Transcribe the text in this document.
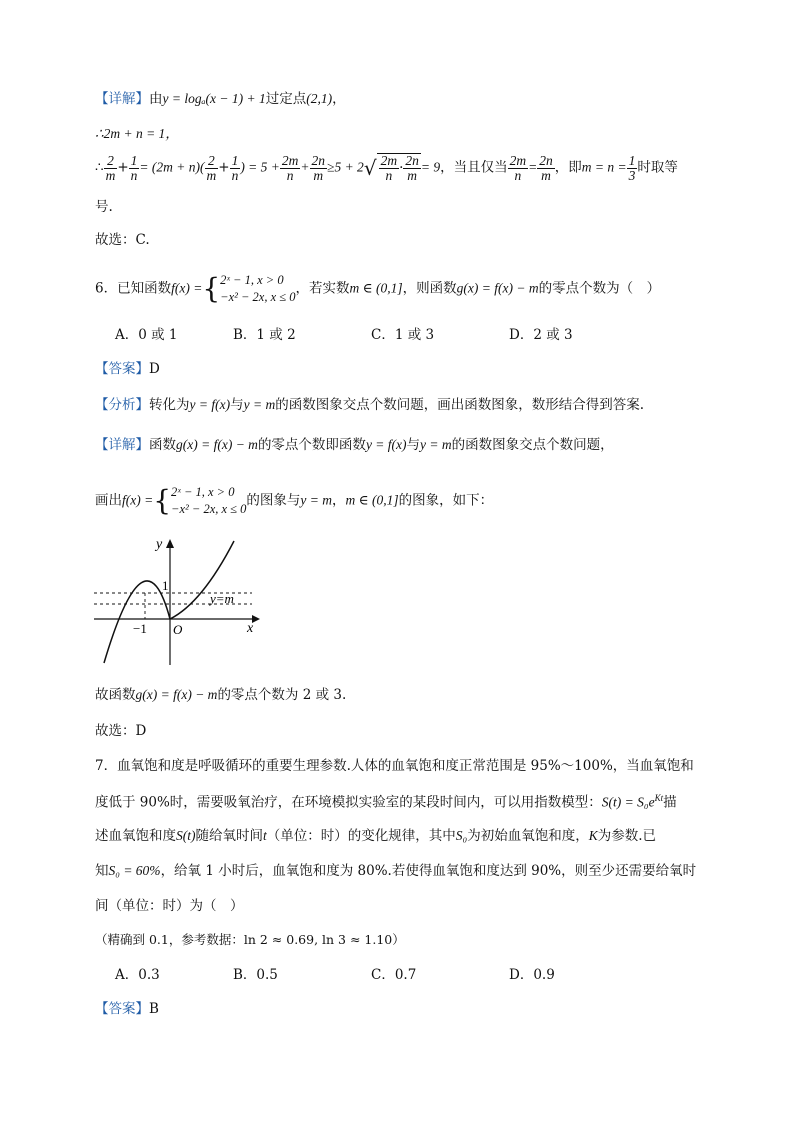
【详解】由y = logₐ(x − 1) + 1过定点(2,1)，
∴2m + n = 1，
∴ $\frac{2}{m} + \frac{1}{n} = (2m + n)( \frac{2}{m} + \frac{1}{n}$ ) = $5 + \frac{2m}{n} + \frac{2n}{m} \ge 5 + 2√ \frac{2m}{n} \cdot \frac{2n}{m} = 9$，当且仅当 $\frac{2m}{n} = \frac{2n}{m}$ ，即$m = n = \frac{1}{3}$ 时取等
号.
故选：C.
6．已知函数f(x) ={ 2ˣ − 1, x > 0
−x² − 2x, x ≤ 0
，若实数m ∈ (0,1]，则函数g(x) = f(x) − m的零点个数为（　）
A．0 或 1	B．1 或 2	C．1 或 3	D．2 或 3
【答案】D
【分析】转化为y = f(x)与y = m的函数图象交点个数问题，画出函数图象，数形结合得到答案.
【详解】函数g(x) = f(x) − m的零点个数即函数y = f(x)与y = m的函数图象交点个数问题，
画出f(x) ={ 2ˣ − 1, x > 0
−x² − 2x, x ≤ 0
的图象与y = m，m ∈ (0,1]的图象，如下：
y
x
1
−1 O
y=m
故函数g(x) = f(x) − m的零点个数为 2 或 3.
故选：D
7．血氧饱和度是呼吸循环的重要生理参数.人体的血氧饱和度正常范围是 95%～100%，当血氧饱和
度低于 90%时，需要吸氧治疗，在环境模拟实验室的某段时间内，可以用指数模型：$S(t) = S_0e^{Kt}$描
述血氧饱和度S(t)随给氧时间t（单位：时）的变化规律，其中S₀为初始血氧饱和度，K为参数.已
知S₀ = 60%，给氧 1 小时后，血氧饱和度为 80%.若使得血氧饱和度达到 90%，则至少还需要给氧时
间（单位：时）为（　）
（精确到 0.1，参考数据：ln 2 ≈ 0.69, ln 3 ≈ 1.10）
A．0.3	B．0.5	C．0.7	D．0.9
【答案】B
